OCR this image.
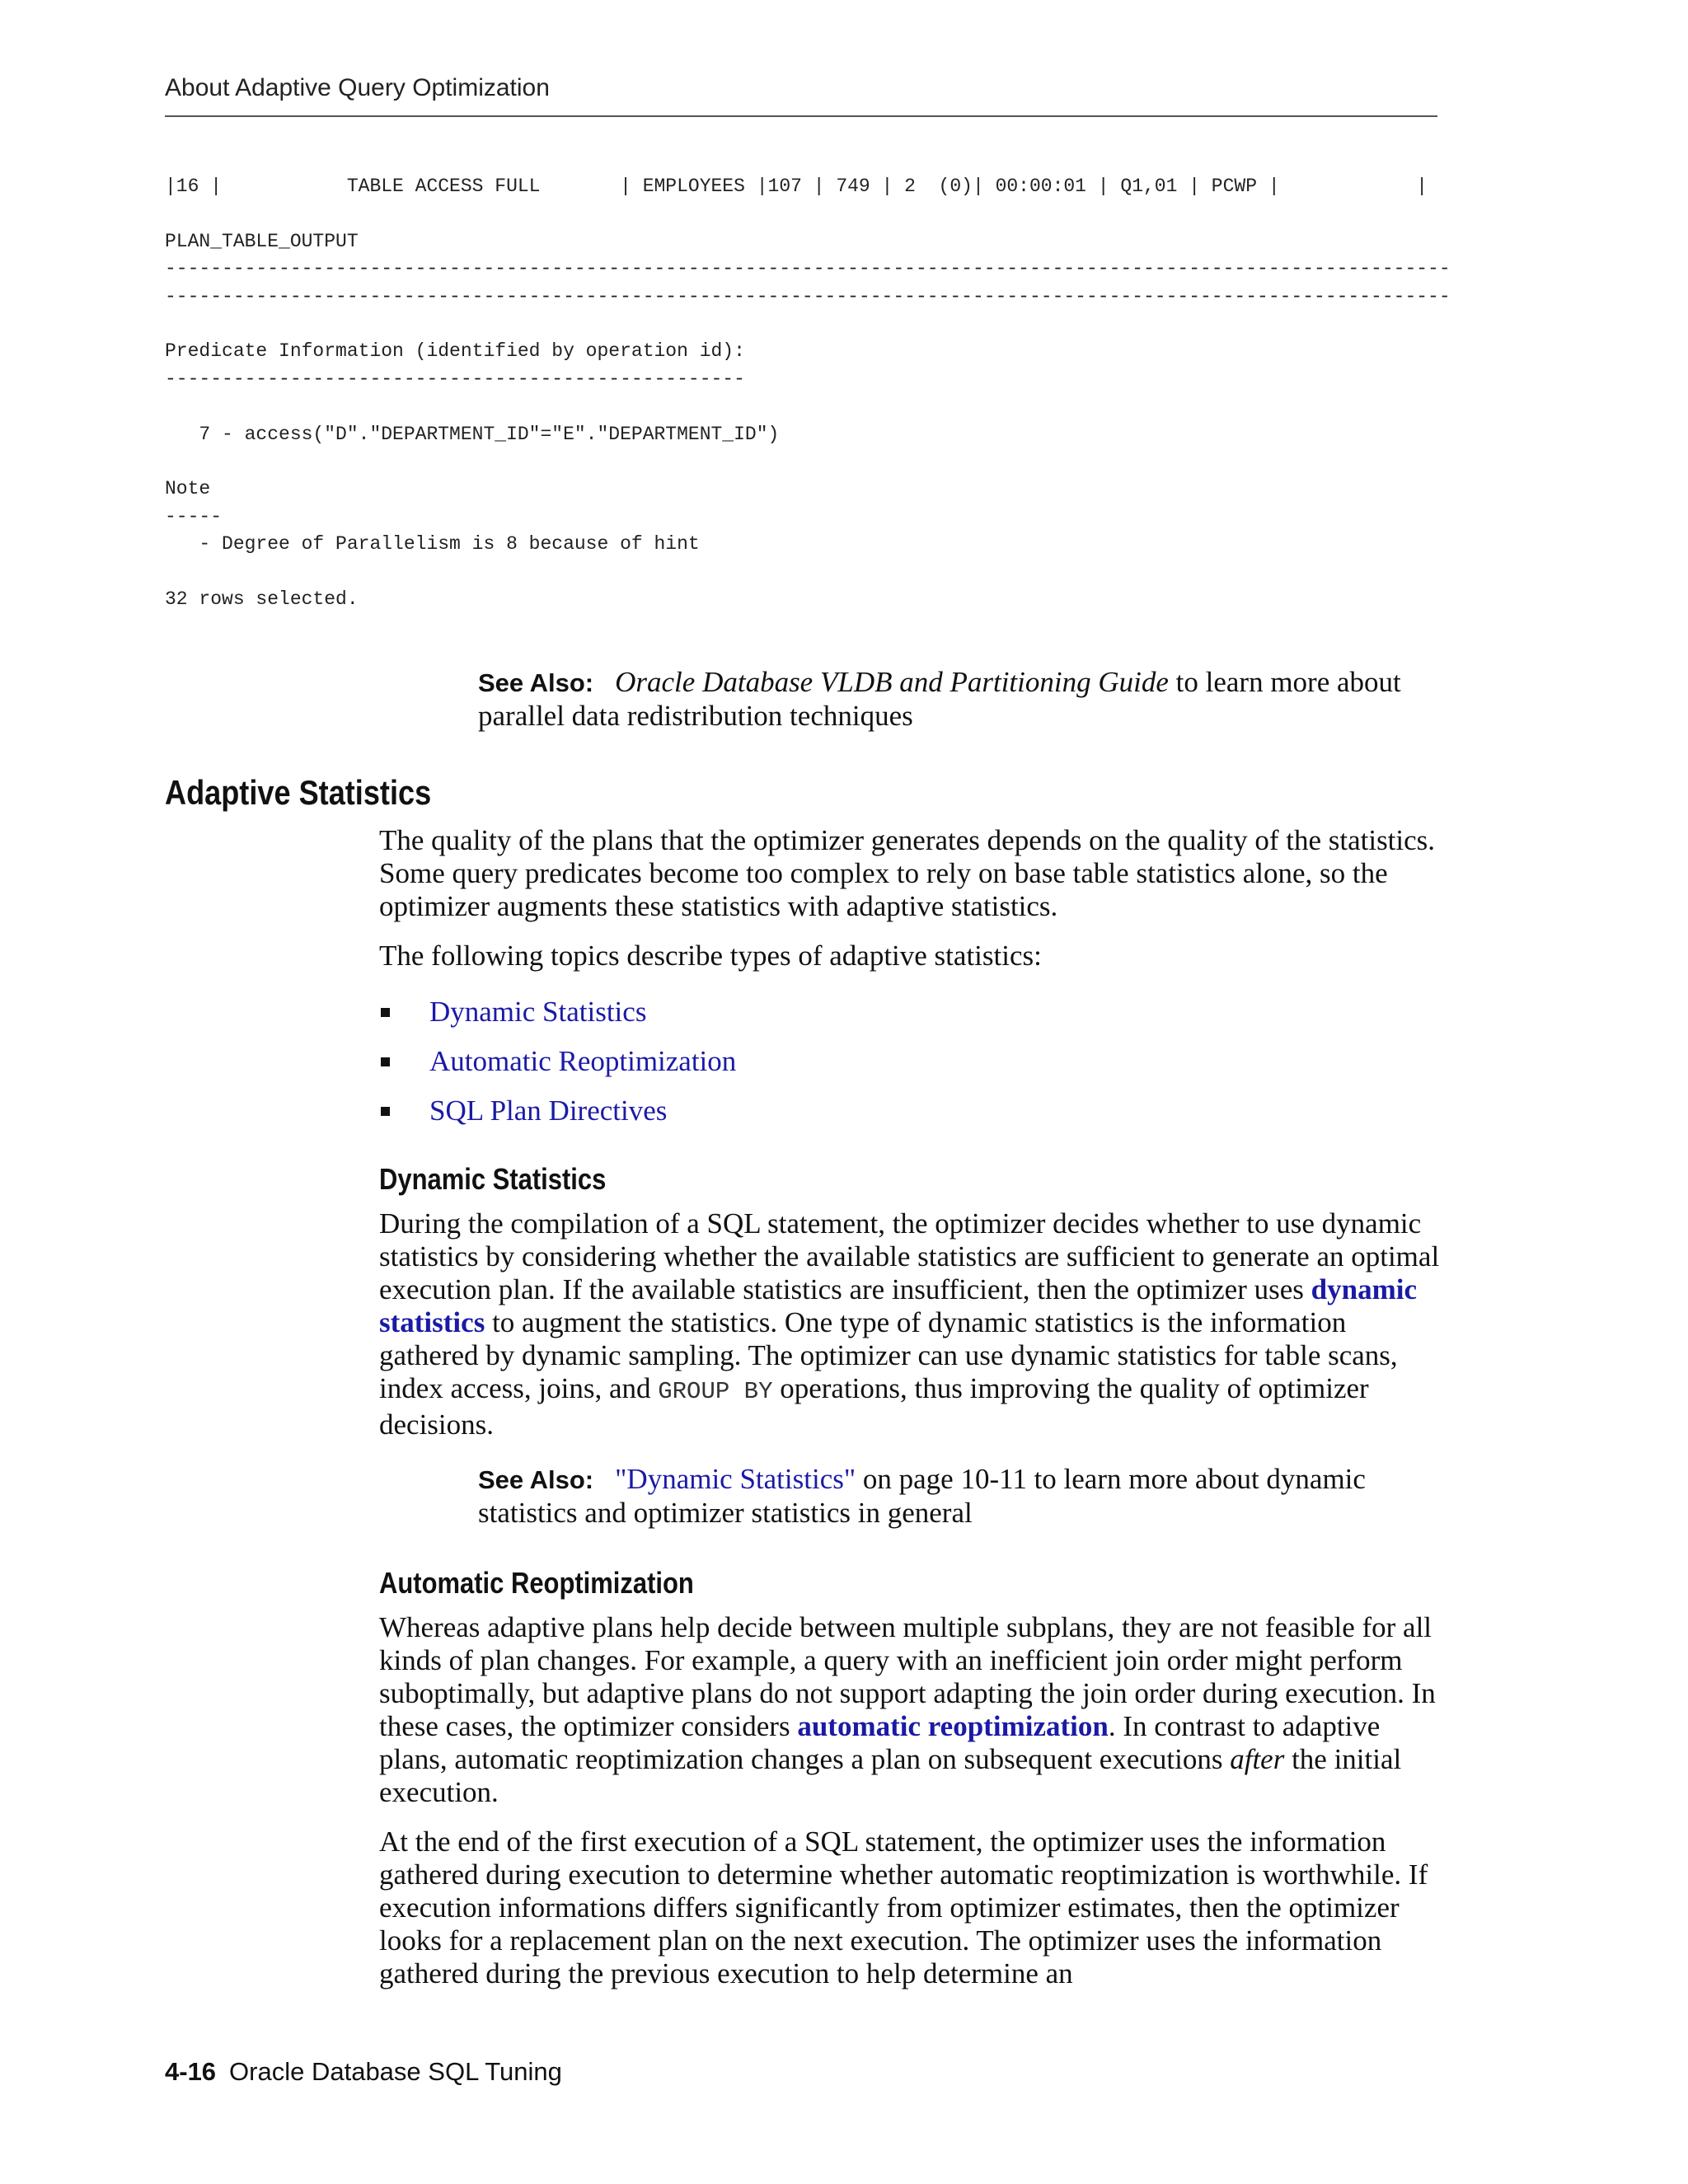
About Adaptive Query Optimization
|16 |           TABLE ACCESS FULL       | EMPLOYEES |107 | 749 | 2  (0)| 00:00:01 | Q1,01 | PCWP |            |

PLAN_TABLE_OUTPUT
-----------------------------------------------------------------------------------------------------------------
-----------------------------------------------------------------------------------------------------------------

Predicate Information (identified by operation id):
---------------------------------------------------

7 - access("D"."DEPARTMENT_ID"="E"."DEPARTMENT_ID")

Note
-----
- Degree of Parallelism is 8 because of hint

32 rows selected.
See Also: Oracle Database VLDB and Partitioning Guide to learn more about parallel data redistribution techniques
Adaptive Statistics

The quality of the plans that the optimizer generates depends on the quality of the statistics. Some query predicates become too complex to rely on base table statistics alone, so the optimizer augments these statistics with adaptive statistics.

The following topics describe types of adaptive statistics:

Dynamic Statistics
Automatic Reoptimization
SQL Plan Directives
Dynamic Statistics

During the compilation of a SQL statement, the optimizer decides whether to use dynamic statistics by considering whether the available statistics are sufficient to generate an optimal execution plan. If the available statistics are insufficient, then the optimizer uses dynamic statistics to augment the statistics. One type of dynamic statistics is the information gathered by dynamic sampling. The optimizer can use dynamic statistics for table scans, index access, joins, and GROUP BY operations, thus improving the quality of optimizer decisions.

See Also: "Dynamic Statistics" on page 10-11 to learn more about dynamic statistics and optimizer statistics in general
Automatic Reoptimization

Whereas adaptive plans help decide between multiple subplans, they are not feasible for all kinds of plan changes. For example, a query with an inefficient join order might perform suboptimally, but adaptive plans do not support adapting the join order during execution. In these cases, the optimizer considers automatic reoptimization. In contrast to adaptive plans, automatic reoptimization changes a plan on subsequent executions after the initial execution.

At the end of the first execution of a SQL statement, the optimizer uses the information gathered during execution to determine whether automatic reoptimization is worthwhile. If execution informations differs significantly from optimizer estimates, then the optimizer looks for a replacement plan on the next execution. The optimizer uses the information gathered during the previous execution to help determine an

4-16 Oracle Database SQL Tuning
